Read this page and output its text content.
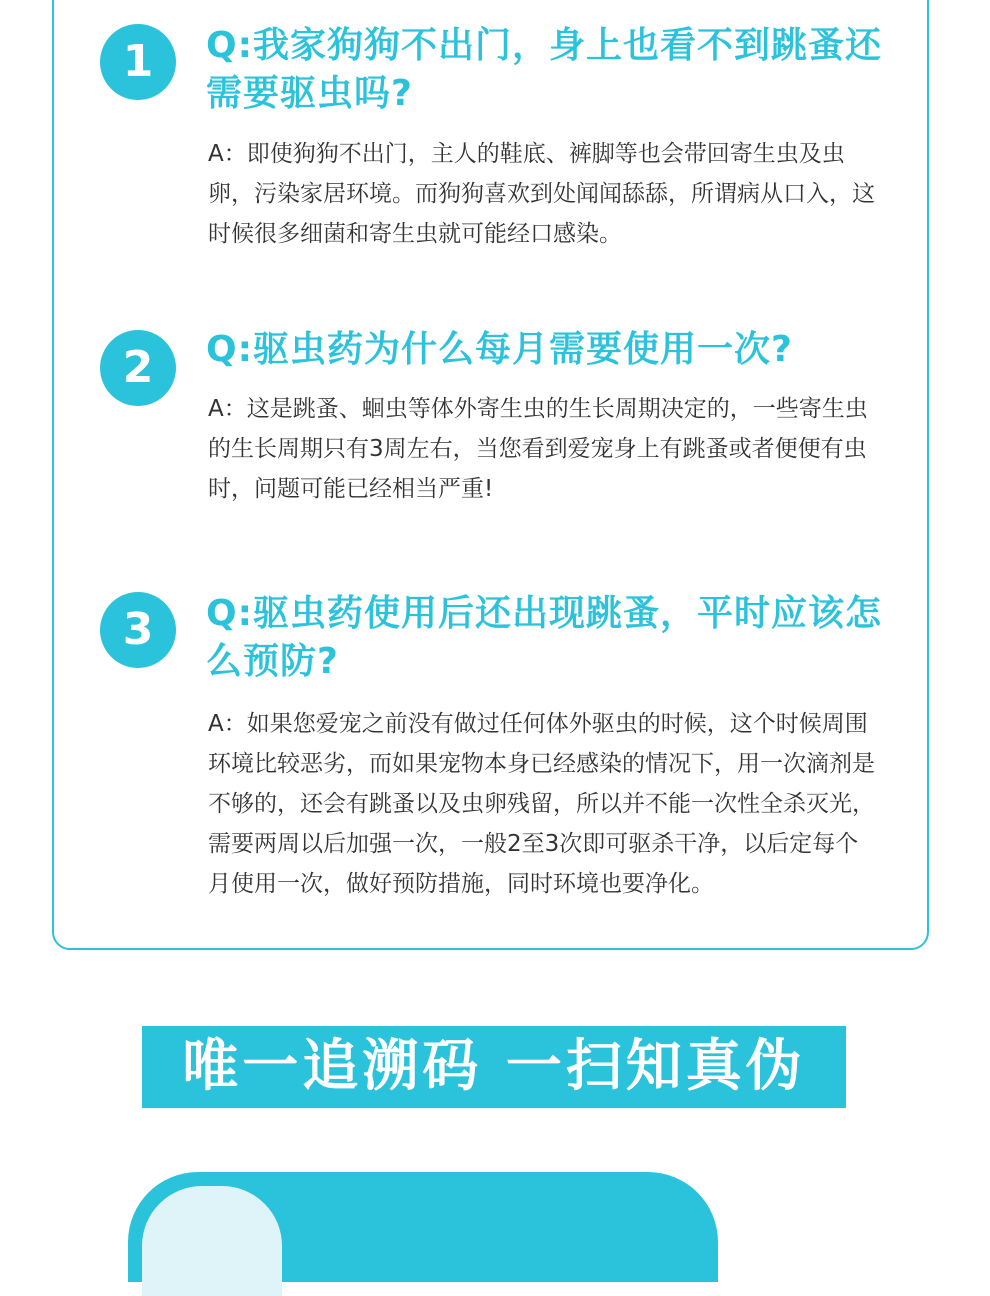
1	Q:我家狗狗不出门，身上也看不到跳蚤还需要驱虫吗?

A：即使狗狗不出门，主人的鞋底、裤脚等也会带回寄生虫及虫卵，污染家居环境。而狗狗喜欢到处闻闻舔舔，所谓病从口入，这时候很多细菌和寄生虫就可能经口感染。

2	Q:驱虫药为什么每月需要使用一次?

A：这是跳蚤、蛔虫等体外寄生虫的生长周期决定的，一些寄生虫的生长周期只有3周左右，当您看到爱宠身上有跳蚤或者便便有虫时，问题可能已经相当严重!

3	Q:驱虫药使用后还出现跳蚤，平时应该怎么预防?

A：如果您爱宠之前没有做过任何体外驱虫的时候，这个时候周围环境比较恶劣，而如果宠物本身已经感染的情况下，用一次滴剂是不够的，还会有跳蚤以及虫卵残留，所以并不能一次性全杀灭光，需要两周以后加强一次，一般2至3次即可驱杀干净，以后定每个月使用一次，做好预防措施，同时环境也要净化。

唯一追溯码 一扫知真伪
